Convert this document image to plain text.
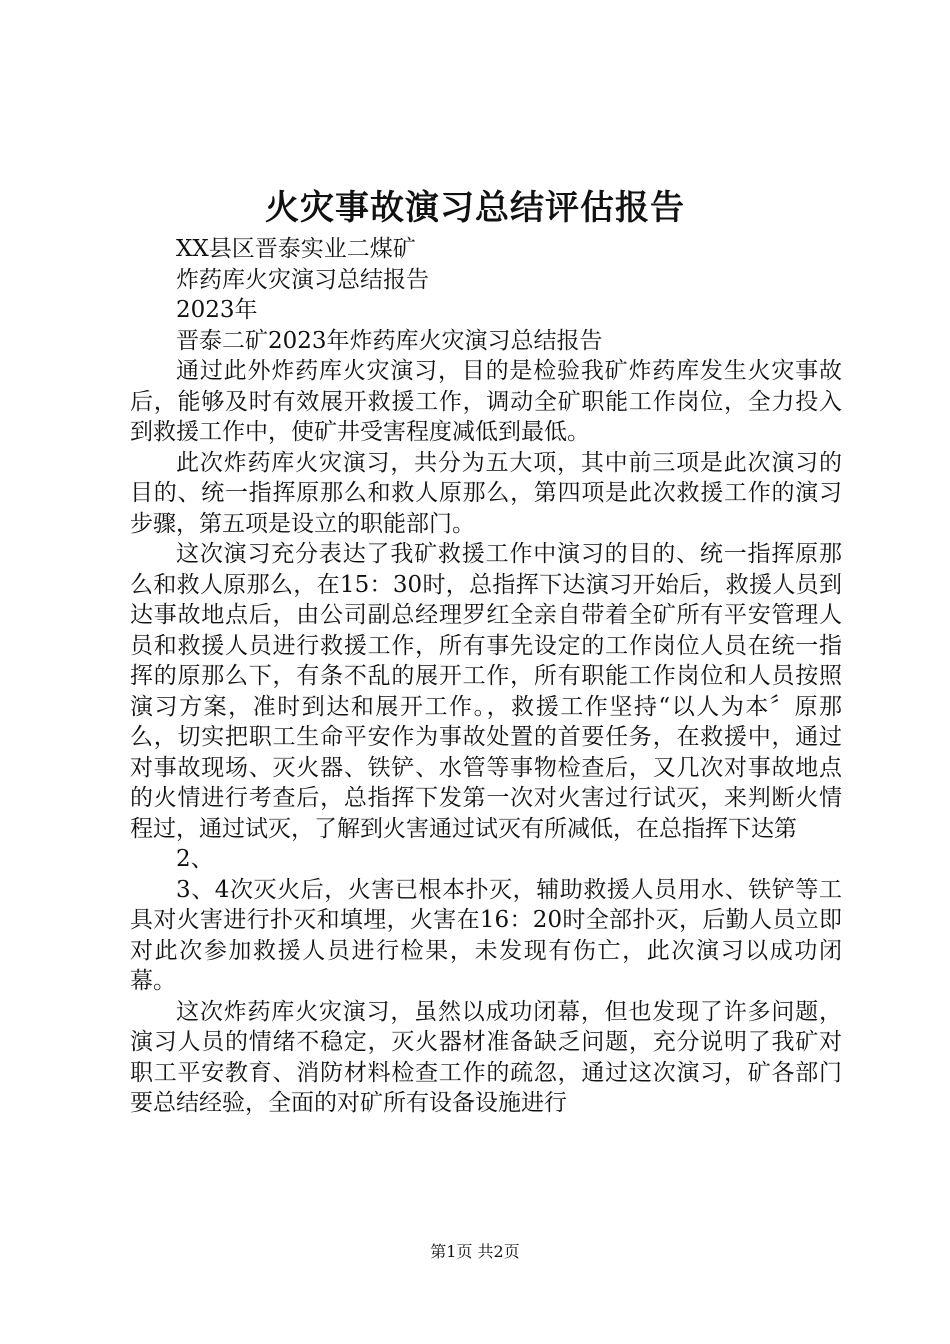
火灾事故演习总结评估报告

XX县区晋泰实业二煤矿

炸药库火灾演习总结报告

2023年

晋泰二矿2023年炸药库火灾演习总结报告

通过此外炸药库火灾演习，目的是检验我矿炸药库发生火灾事故后，能够及时有效展开救援工作，调动全矿职能工作岗位，全力投入到救援工作中，使矿井受害程度减低到最低。

此次炸药库火灾演习，共分为五大项，其中前三项是此次演习的目的、统一指挥原那么和救人原那么，第四项是此次救援工作的演习步骤，第五项是设立的职能部门。

这次演习充分表达了我矿救援工作中演习的目的、统一指挥原那么和救人原那么，在15：30时，总指挥下达演习开始后，救援人员到达事故地点后，由公司副总经理罗红全亲自带着全矿所有平安管理人员和救援人员进行救援工作，所有事先设定的工作岗位人员在统一指挥的原那么下，有条不乱的展开工作，所有职能工作岗位和人员按照演习方案，准时到达和展开工作。，救援工作坚持“以人为本〞原那么，切实把职工生命平安作为事故处置的首要任务，在救援中，通过对事故现场、灭火器、铁铲、水管等事物检查后，又几次对事故地点的火情进行考查后，总指挥下发第一次对火害过行试灭，来判断火情程过，通过试灭，了解到火害通过试灭有所减低，在总指挥下达第

2、

3、4次灭火后，火害已根本扑灭，辅助救援人员用水、铁铲等工具对火害进行扑灭和填埋，火害在16：20时全部扑灭，后勤人员立即对此次参加救援人员进行检果，未发现有伤亡，此次演习以成功闭幕。

这次炸药库火灾演习，虽然以成功闭幕，但也发现了许多问题，演习人员的情绪不稳定，灭火器材准备缺乏问题，充分说明了我矿对职工平安教育、消防材料检查工作的疏忽，通过这次演习，矿各部门要总结经验，全面的对矿所有设备设施进行

第1页 共2页
